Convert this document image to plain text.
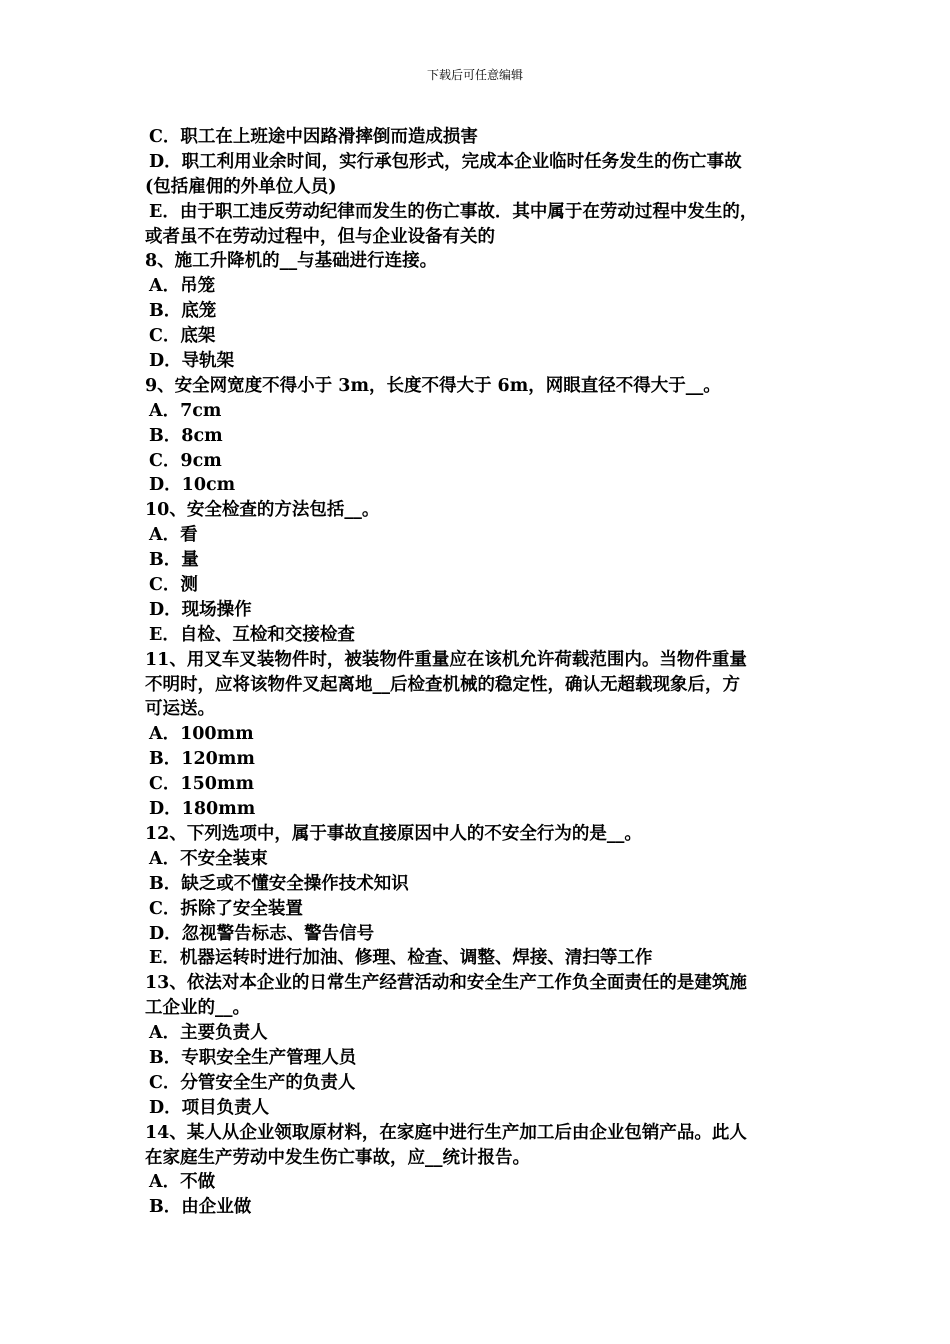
下载后可任意编辑
C．职工在上班途中因路滑摔倒而造成损害
D．职工利用业余时间，实行承包形式，完成本企业临时任务发生的伤亡事故
(包括雇佣的外单位人员)
E．由于职工违反劳动纪律而发生的伤亡事故．其中属于在劳动过程中发生的，
或者虽不在劳动过程中，但与企业设备有关的
8、施工升降机的__与基础进行连接。
A．吊笼
B．底笼
C．底架
D．导轨架
9、安全网宽度不得小于 3m，长度不得大于 6m，网眼直径不得大于__。
A．7cm
B．8cm
C．9cm
D．10cm
10、安全检查的方法包括__。
A．看
B．量
C．测
D．现场操作
E．自检、互检和交接检查
11、用叉车叉装物件时，被装物件重量应在该机允许荷载范围内。当物件重量
不明时，应将该物件叉起离地__后检查机械的稳定性，确认无超载现象后，方
可运送。
A．100mm
B．120mm
C．150mm
D．180mm
12、下列选项中，属于事故直接原因中人的不安全行为的是__。
A．不安全装束
B．缺乏或不懂安全操作技术知识
C．拆除了安全装置
D．忽视警告标志、警告信号
E．机器运转时进行加油、修理、检查、调整、焊接、清扫等工作
13、依法对本企业的日常生产经营活动和安全生产工作负全面责任的是建筑施
工企业的__。
A．主要负责人
B．专职安全生产管理人员
C．分管安全生产的负责人
D．项目负责人
14、某人从企业领取原材料，在家庭中进行生产加工后由企业包销产品。此人
在家庭生产劳动中发生伤亡事故，应__统计报告。
A．不做
B．由企业做
